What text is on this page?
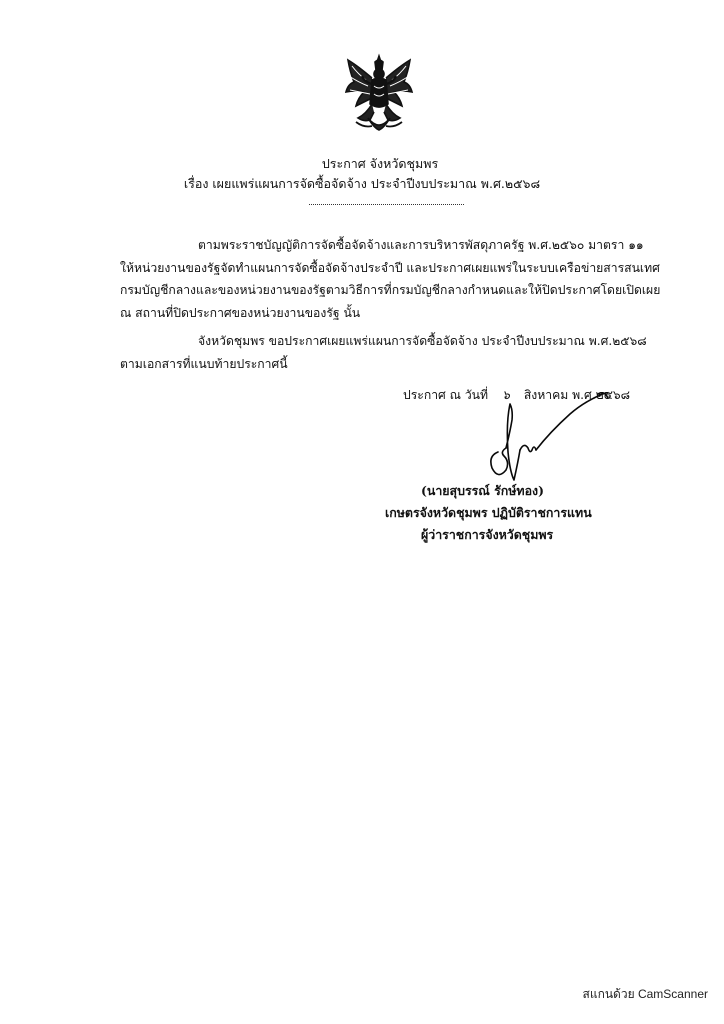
ประกาศ จังหวัดชุมพร
เรื่อง เผยแพร่แผนการจัดซื้อจัดจ้าง ประจำปีงบประมาณ พ.ศ.๒๕๖๘
ตามพระราชบัญญัติการจัดซื้อจัดจ้างและการบริหารพัสดุภาครัฐ พ.ศ.๒๕๖๐ มาตรา ๑๑
ให้หน่วยงานของรัฐจัดทำแผนการจัดซื้อจัดจ้างประจำปี และประกาศเผยแพร่ในระบบเครือข่ายสารสนเทศ
กรมบัญชีกลางและของหน่วยงานของรัฐตามวิธีการที่กรมบัญชีกลางกำหนดและให้ปิดประกาศโดยเปิดเผย
ณ สถานที่ปิดประกาศของหน่วยงานของรัฐ นั้น
จังหวัดชุมพร ขอประกาศเผยแพร่แผนการจัดซื้อจัดจ้าง ประจำปีงบประมาณ พ.ศ.๒๕๖๘
ตามเอกสารที่แนบท้ายประกาศนี้
ประกาศ ณ วันที่ ๖ สิงหาคม พ.ศ.๒๕๖๘
(นายสุบรรณ์ รักษ์ทอง)
เกษตรจังหวัดชุมพร ปฏิบัติราชการแทน
ผู้ว่าราชการจังหวัดชุมพร
สแกนด้วย CamScanner
